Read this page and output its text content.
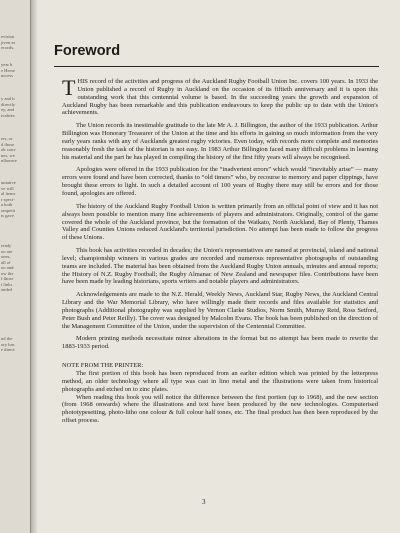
evision
jiven as
ecords.
year b
e Herse
uccess
y and h
directly
ey, and
ivalries
ers, or
d those
ok com-
nes, we
nfluence
untative
ve will
al items
r spect-
a both
ompetit
ts gave
ready
ou are
ones,
all of
ou and
ow the
f those
t links
ended
nd the
ory has
e direct
Foreword

THIS record of the activities and progress of the Auckland Rugby Football Union Inc. covers 100 years. In 1933 the Union published a record of Rugby in Auckland on the occasion of its fiftieth anniversary and it is upon this outstanding work that this centennial volume is based. In the succeeding years the growth and expansion of Auckland Rugby has been remarkable and this publication endeavours to keep the public up to date with the Union's achievements.

The Union records its inestimable gratitude to the late Mr A. J. Billington, the author of the 1933 publication. Arthur Billington was Honorary Treasurer of the Union at the time and his efforts in gaining so much information from the very early years ranks with any of Aucklands greatest rugby victories. Even today, with records more complete and memories reasonably fresh the task of the historian is not easy. In 1983 Arthur Billington faced many difficult problems in learning his material and the part he has played in compiling the history of the first fifty years will always be recognised.

Apologies were offered in the 1933 publication for the “inadvertent errors” which would “inevitably arise” — many errors were found and have been corrected, thanks to “old timers” who, by recourse to memory and paper clippings, have brought these errors to light. In such a detailed account of 100 years of Rugby there may still be errors and for those found, apologies are offered.

The history of the Auckland Rugby Football Union is written primarily from an official point of view and it has not always been possible to mention many fine achievements of players and administrators. Originally, control of the game covered the whole of the Auckland province, but the formation of the Waikato, North Auckland, Bay of Plenty, Thames Valley and Counties Unions reduced Auckland's territorial jurisdiction. No attempt has been made to follow the progress of these Unions.

This book has activities recorded in decades; the Union's representatives are named at provincial, island and national level; championship winners in various grades are recorded and numerous representative photographs of outstanding teams are included. The material has been obtained from the Auckland Rugby Union annuals, minutes and annual reports; the History of N.Z. Rugby Football; the Rugby Almanac of New Zealand and newspaper files. Contributions have been have been made by leading historians, sports writers and notable players and administrators.

Acknowledgements are made to the N.Z. Herald, Weekly News, Auckland Star, Rugby News, the Auckland Central Library and the War Memorial Library, who have willingly made their records and files available for statistics and photographs (Additional photography was supplied by Vernon Clarke Studios, Norm Smith, Murray Reid, Ross Setford, Peter Bush and Peter Reilly). The cover was designed by Malcolm Evans. The book has been published on the direction of the Management Committee of the Union, under the supervision of the Centennial Committee.

Modern printing methods necessitate minor alterations in the format but no attempt has been made to rewrite the 1883-1933 period.

NOTE FROM THE PRINTER:

The first portion of this book has been reproduced from an earlier edition which was printed by the letterpress method, an older technology where all type was cast in lino metal and the illustrations were taken from historical photographs and etched on to zinc plates.

When reading this book you will notice the difference between the first portion (up to 1968), and the new section (from 1968 onwards) where the illustrations and text have been produced by the new technologies. Computerised phototypesetting, photo-litho one colour & full colour half tones, etc. The final product has then been reproduced by the offset process.

3
